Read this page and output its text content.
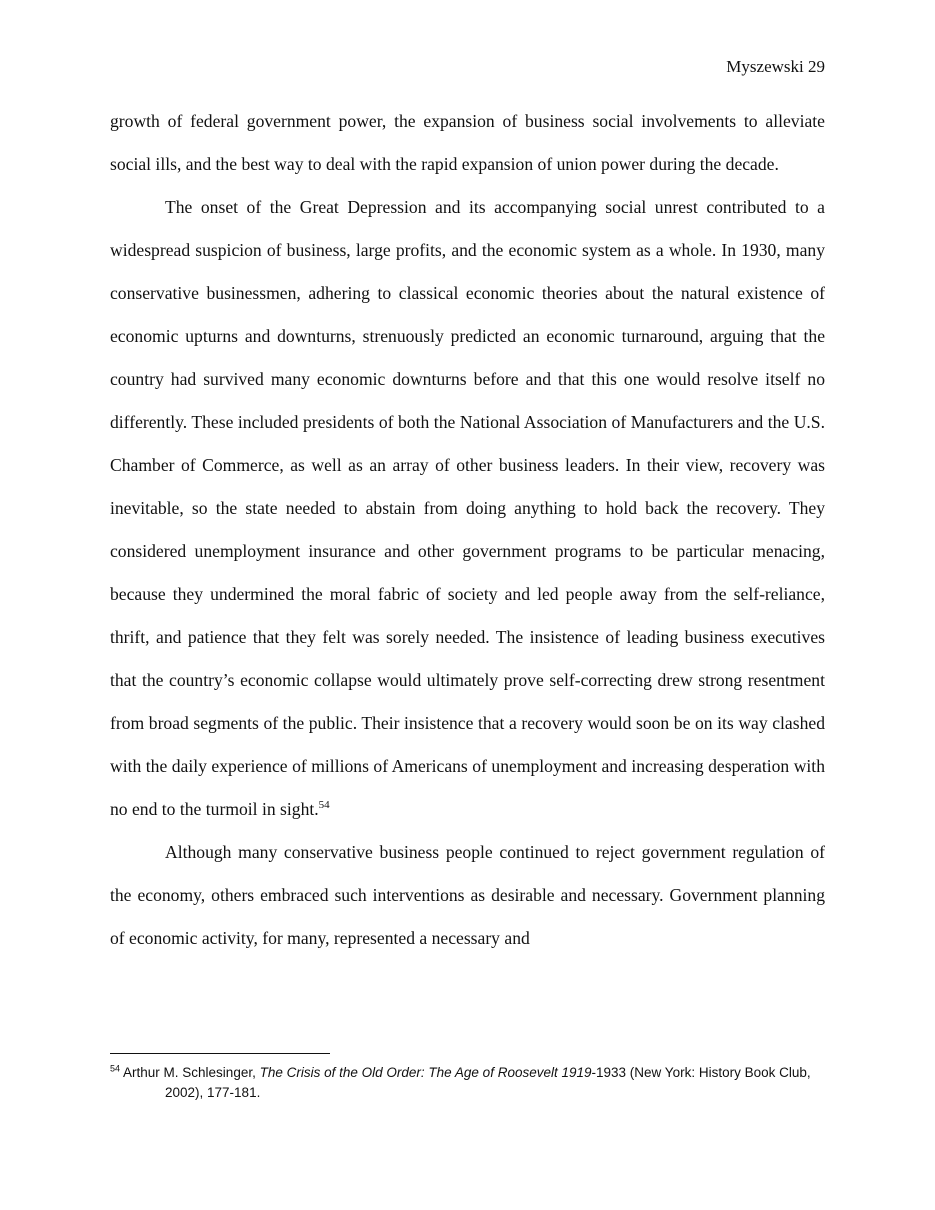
Myszewski 29

growth of federal government power, the expansion of business social involvements to alleviate social ills, and the best way to deal with the rapid expansion of union power during the decade.

The onset of the Great Depression and its accompanying social unrest contributed to a widespread suspicion of business, large profits, and the economic system as a whole. In 1930, many conservative businessmen, adhering to classical economic theories about the natural existence of economic upturns and downturns, strenuously predicted an economic turnaround, arguing that the country had survived many economic downturns before and that this one would resolve itself no differently. These included presidents of both the National Association of Manufacturers and the U.S. Chamber of Commerce, as well as an array of other business leaders. In their view, recovery was inevitable, so the state needed to abstain from doing anything to hold back the recovery. They considered unemployment insurance and other government programs to be particular menacing, because they undermined the moral fabric of society and led people away from the self-reliance, thrift, and patience that they felt was sorely needed. The insistence of leading business executives that the country’s economic collapse would ultimately prove self-correcting drew strong resentment from broad segments of the public. Their insistence that a recovery would soon be on its way clashed with the daily experience of millions of Americans of unemployment and increasing desperation with no end to the turmoil in sight.$^{54}$

Although many conservative business people continued to reject government regulation of the economy, others embraced such interventions as desirable and necessary. Government planning of economic activity, for many, represented a necessary and

$^{54}$ Arthur M. Schlesinger, The Crisis of the Old Order: The Age of Roosevelt 1919-1933 (New York: History Book Club, 2002), 177-181.
